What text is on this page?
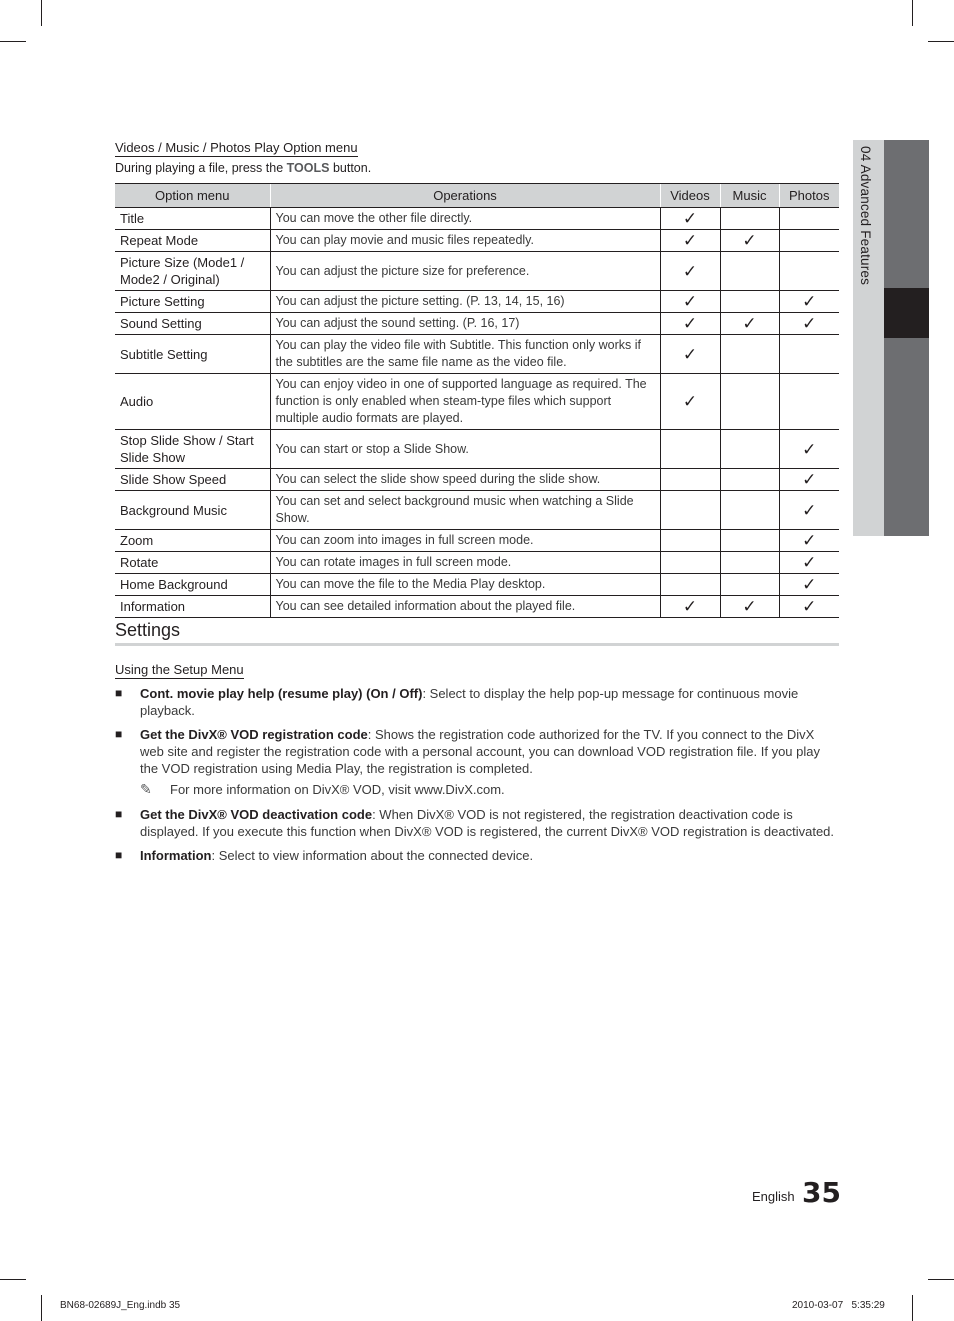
04 Advanced Features
Videos / Music / Photos Play Option menu
During playing a file, press the TOOLS button.
Option menu	Operations	Videos	Music	Photos
Title	You can move the other file directly.	✓		
Repeat Mode	You can play movie and music files repeatedly.	✓	✓	
Picture Size (Mode1 / Mode2 / Original)	You can adjust the picture size for preference.	✓		
Picture Setting	You can adjust the picture setting. (P. 13, 14, 15, 16)	✓		✓
Sound Setting	You can adjust the sound setting. (P. 16, 17)	✓	✓	✓
Subtitle Setting	You can play the video file with Subtitle. This function only works if the subtitles are the same file name as the video file.	✓		
Audio	You can enjoy video in one of supported language as required. The function is only enabled when steam-type files which support multiple audio formats are played.	✓		
Stop Slide Show / Start Slide Show	You can start or stop a Slide Show.			✓
Slide Show Speed	You can select the slide show speed during the slide show.			✓
Background Music	You can set and select background music when watching a Slide Show.			✓
Zoom	You can zoom into images in full screen mode.			✓
Rotate	You can rotate images in full screen mode.			✓
Home Background	You can move the file to the Media Play desktop.			✓
Information	You can see detailed information about the played file.	✓	✓	✓
Settings
Using the Setup Menu
■ Cont. movie play help (resume play) (On / Off): Select to display the help pop-up message for continuous movie playback.
■ Get the DivX® VOD registration code: Shows the registration code authorized for the TV. If you connect to the DivX web site and register the registration code with a personal account, you can download VOD registration file. If you play the VOD registration using Media Play, the registration is completed.
✎ For more information on DivX® VOD, visit www.DivX.com.
■ Get the DivX® VOD deactivation code: When DivX® VOD is not registered, the registration deactivation code is displayed. If you execute this function when DivX® VOD is registered, the current DivX® VOD registration is deactivated.
■ Information: Select to view information about the connected device.
English 35
BN68-02689J_Eng.indb 35	2010-03-07   5:35:29
